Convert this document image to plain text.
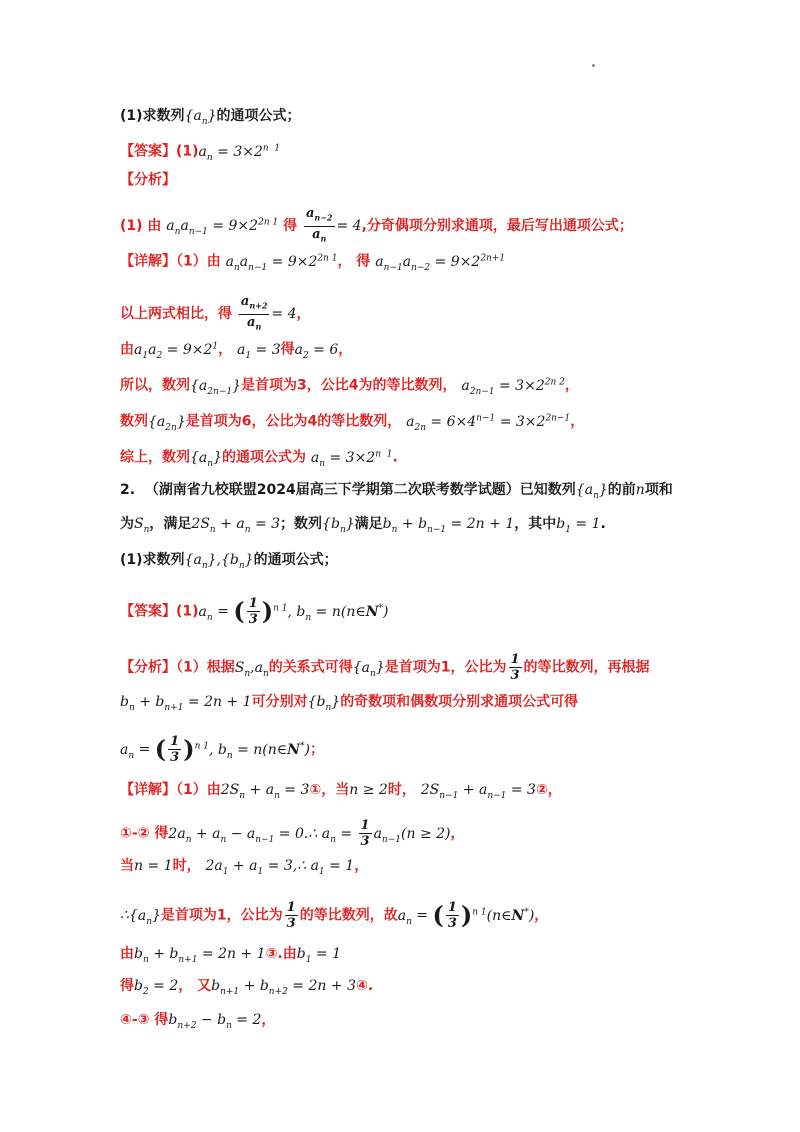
(1)求数列$\{a_n\}$的通项公式；
【答案】$(1)a_n = 3\times 2^{n 1}$
【分析】
(1) 由 $a_na_{n-1} = 9\times 2^{2n 1}$ 得 $\frac{a_{n-2}}{a_n} = 4$,分奇偶项分别求通项，最后写出通项公式；
【详解】（1）由 $a_na_{n-1} = 9\times 2^{2n 1}$， 得 $a_{n-1}a_{n-2} = 9\times 2^{2n+1}$
以上两式相比，得 $\frac{a_{n+2}}{a_n} = 4$，
由$a_1a_2 = 9\times 2^1$， $a_1 = 3$得$a_2 = 6$，
所以，数列$\{a_{2n-1}\}$是首项为3，公比4为的等比数列， $a_{2n-1} = 3\times 2^{2n 2}$，
数列$\{a_{2n}\}$是首项为6，公比为4的等比数列， $a_{2n} = 6\times 4^{n-1} = 3\times 2^{2n-1}$，
综上，数列$\{a_n\}$的通项公式为 $a_n = 3\times 2^{n 1}$.
2. （湖南省九校联盟2024届高三下学期第二次联考数学试题）已知数列$\{a_n\}$的前n项和
为$S_n$，满足$2S_n + a_n = 3$；数列$\{b_n\}$满足$b_n + b_{n-1} = 2n + 1$，其中$b_1 = 1$.
(1)求数列$\{a_n\},\{b_n\}$的通项公式；
【答案】$(1)a_n$ = ( $\frac{1}{3} )^{n 1}$, $b_n$ = n(n∈N*)
【分析】（1）根据$S_n,a_n$的关系式可得$\{a_n\}$是首项为1，公比为 $\frac{1}{3}$ 的等比数列，再根据
$b_n + b_{n+1} = 2n + 1$可分别对$\{b_n\}$的奇数项和偶数项分别求通项公式可得
$a_n$ = ( $\frac{1}{3} )^{n 1}$, $b_n$ = n(n∈N*)；
【详解】（1）由$2S_n + a_n$ = 3①，当n ≥ 2时， $2S_{n-1} + a_{n-1}$ = 3②，
①-② 得$2a_n + a_n - a_{n-1}$ = 0.∴ $a_n = \frac{1}{3} a_{n-1}(n \ge 2)$，
当n = 1时， $2a_1 + a_1$ = 3,∴ $a_1 = 1$，
$\therefore\{a_n\}$是首项为1，公比为 $\frac{1}{3}$ 的等比数列，故$a_n$ = ( $\frac{1}{3}$ )$^{n 1}$(n∈N*)，
由$b_n + b_{n+1} = 2n$ + 1③.由$b_1 = 1$
得$b_2 = 2$， 又$b_{n+1} + b_{n+2} = 2n$ + 3④.
④-③ 得$b_{n+2} - b_n = 2$，
